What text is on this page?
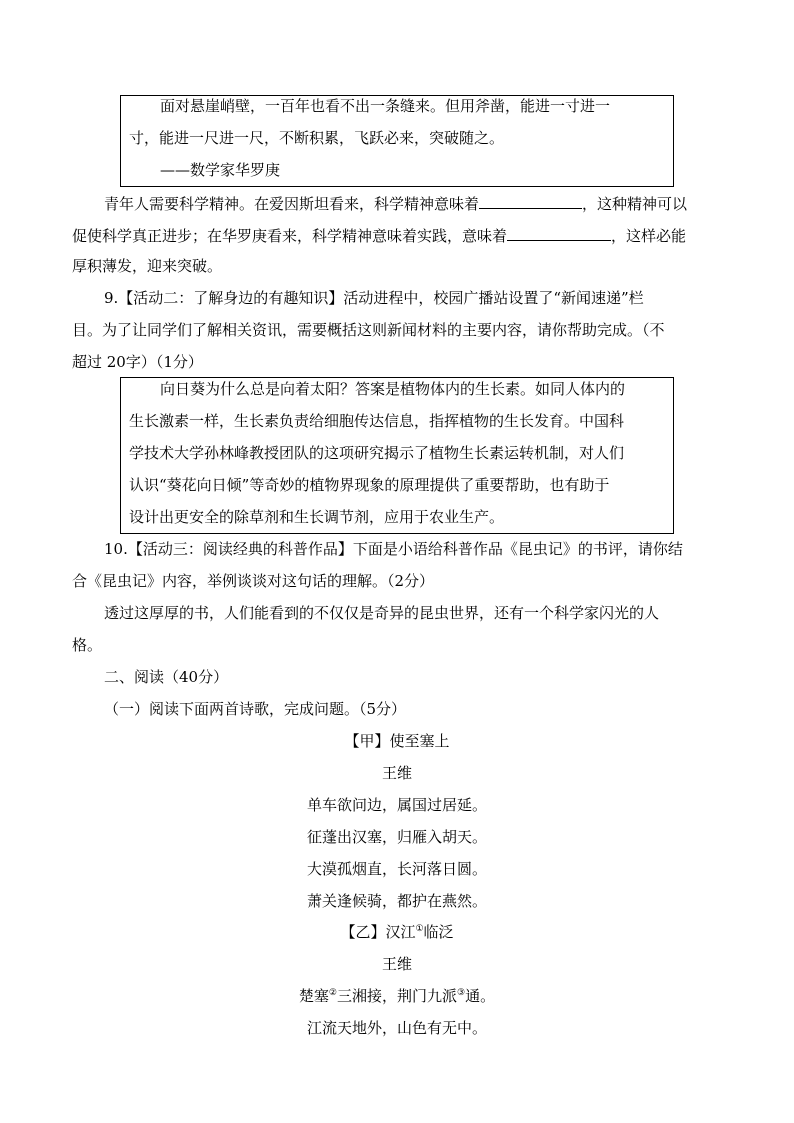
面对悬崖峭壁，一百年也看不出一条缝来。但用斧凿，能进一寸进一
寸，能进一尺进一尺，不断积累，飞跃必来，突破随之。
——数学家华罗庚
青年人需要科学精神。在爱因斯坦看来，科学精神意味着	，这种精神可以
促使科学真正进步；在华罗庚看来，科学精神意味着实践，意味着	，这样必能
厚积薄发，迎来突破。
9.【活动二：了解身边的有趣知识】活动进程中，校园广播站设置了“新闻速递”栏
目。为了让同学们了解相关资讯，需要概括这则新闻材料的主要内容，请你帮助完成。（不
超过 20字）（1分）
向日葵为什么总是向着太阳？答案是植物体内的生长素。如同人体内的
生长激素一样，生长素负责给细胞传达信息，指挥植物的生长发育。中国科
学技术大学孙林峰教授团队的这项研究揭示了植物生长素运转机制，对人们
认识“葵花向日倾”等奇妙的植物界现象的原理提供了重要帮助，也有助于
设计出更安全的除草剂和生长调节剂，应用于农业生产。
10.【活动三：阅读经典的科普作品】下面是小语给科普作品《昆虫记》的书评，请你结
合《昆虫记》内容，举例谈谈对这句话的理解。（2分）
透过这厚厚的书，人们能看到的不仅仅是奇异的昆虫世界，还有一个科学家闪光的人
格。
二、阅读（40分）
（一）阅读下面两首诗歌，完成问题。（5分）
【甲】使至塞上
王维
单车欲问边，属国过居延。
征蓬出汉塞，归雁入胡天。
大漠孤烟直，长河落日圆。
萧关逢候骑，都护在燕然。
【乙】汉江①临泛
王维
楚塞②三湘接，荆门九派③通。
江流天地外，山色有无中。
